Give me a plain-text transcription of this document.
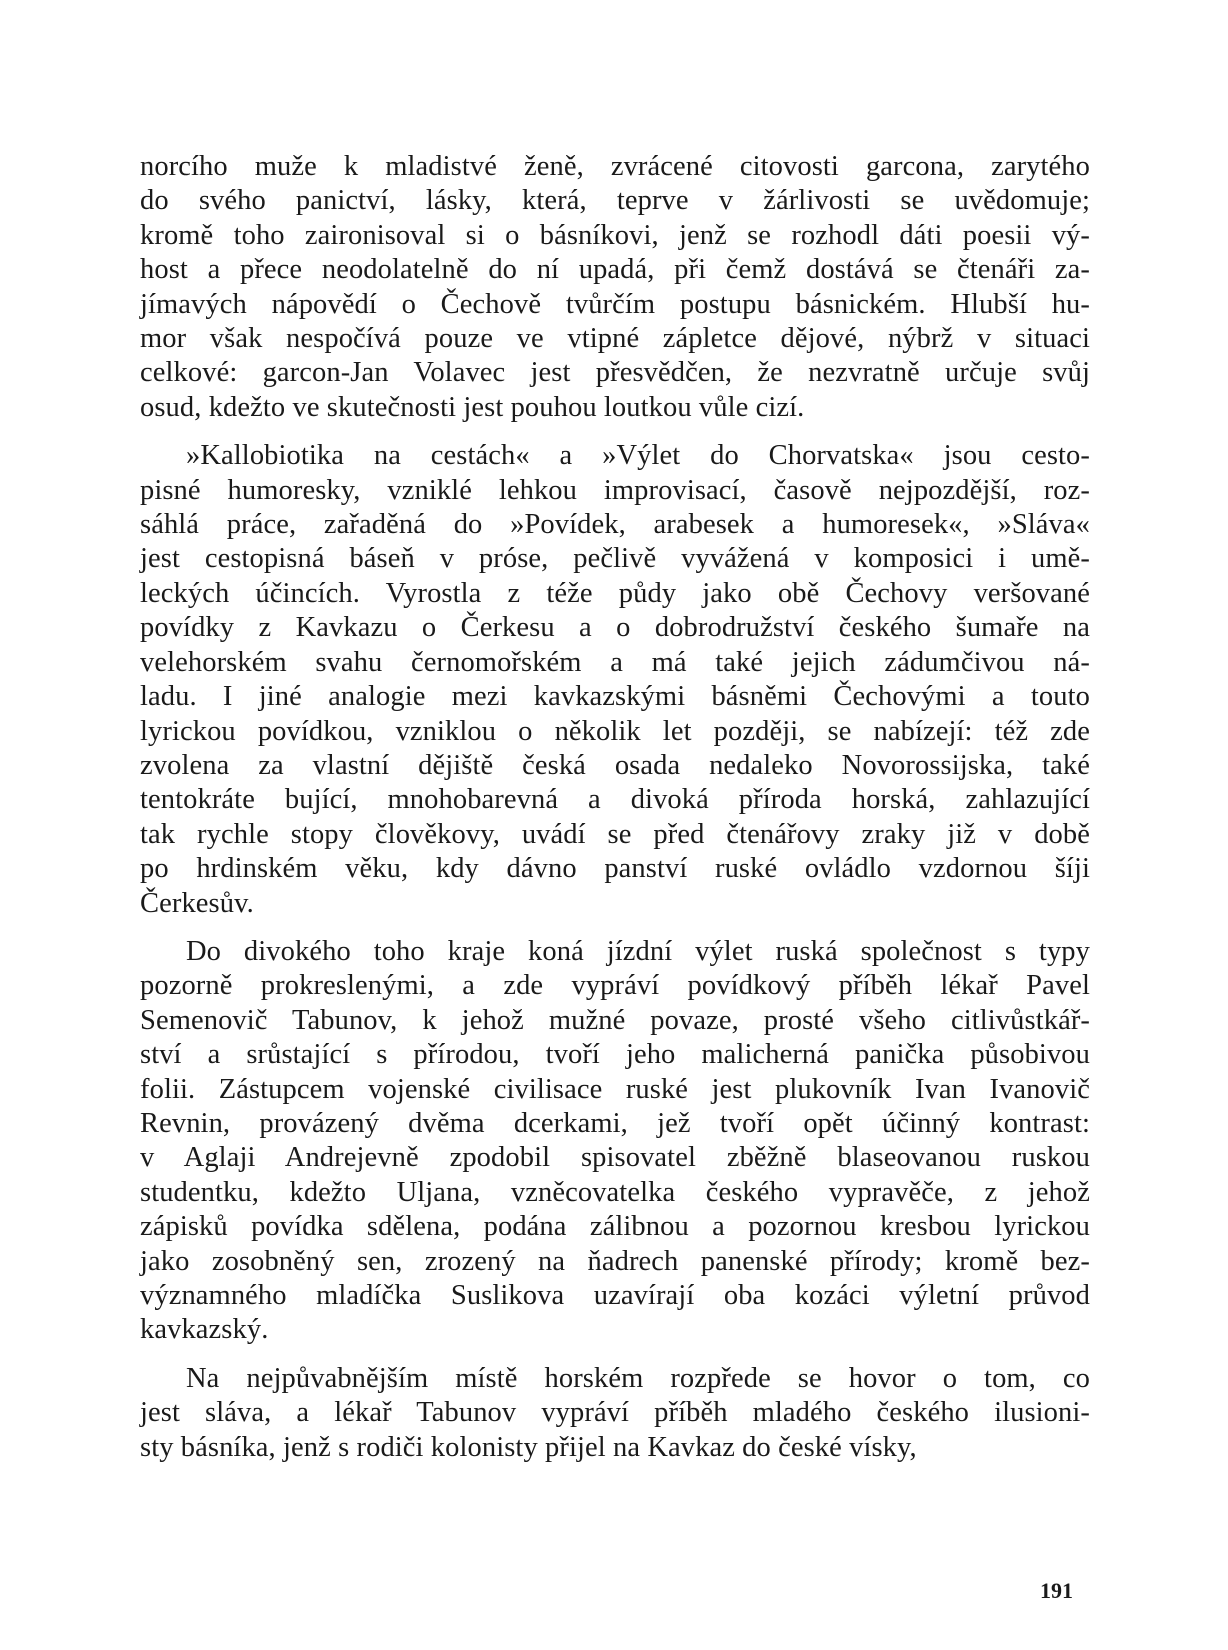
norcího muže k mladistvé ženě, zvrácené citovosti garcona, zarytého
do svého panictví, lásky, která, teprve v žárlivosti se uvědomuje;
kromě toho zaironisoval si o básníkovi, jenž se rozhodl dáti poesii vý-
host a přece neodolatelně do ní upadá, při čemž dostává se čtenáři za-
jímavých nápovědí o Čechově tvůrčím postupu básnickém. Hlubší hu-
mor však nespočívá pouze ve vtipné zápletce dějové, nýbrž v situaci
celkové: garcon-Jan Volavec jest přesvědčen, že nezvratně určuje svůj
osud, kdežto ve skutečnosti jest pouhou loutkou vůle cizí.
»Kallobiotika na cestách« a »Výlet do Chorvatska« jsou cesto-
pisné humoresky, vzniklé lehkou improvisací, časově nejpozdější, roz-
sáhlá práce, zařaděná do »Povídek, arabesek a humoresek«, »Sláva«
jest cestopisná báseň v próse, pečlivě vyvážená v komposici i umě-
leckých účincích. Vyrostla z téže půdy jako obě Čechovy veršované
povídky z Kavkazu o Čerkesu a o dobrodružství českého šumaře na
velehorském svahu černomořském a má také jejich zádumčivou ná-
ladu. I jiné analogie mezi kavkazskými básněmi Čechovými a touto
lyrickou povídkou, vzniklou o několik let později, se nabízejí: též zde
zvolena za vlastní dějiště česká osada nedaleko Novorossijska, také
tentokráte bující, mnohobarevná a divoká příroda horská, zahlazující
tak rychle stopy člověkovy, uvádí se před čtenářovy zraky již v době
po hrdinském věku, kdy dávno panství ruské ovládlo vzdornou šíji
Čerkesův.
Do divokého toho kraje koná jízdní výlet ruská společnost s typy
pozorně prokreslenými, a zde vypráví povídkový příběh lékař Pavel
Semenovič Tabunov, k jehož mužné povaze, prosté všeho citlivůstkář-
ství a srůstající s přírodou, tvoří jeho malicherná panička působivou
folii. Zástupcem vojenské civilisace ruské jest plukovník Ivan Ivanovič
Revnin, provázený dvěma dcerkami, jež tvoří opět účinný kontrast:
v Aglaji Andrejevně zpodobil spisovatel zběžně blaseovanou ruskou
studentku, kdežto Uljana, vzněcovatelka českého vypravěče, z jehož
zápisků povídka sdělena, podána zálibnou a pozornou kresbou lyrickou
jako zosobněný sen, zrozený na ňadrech panenské přírody; kromě bez-
významného mladíčka Suslikova uzavírají oba kozáci výletní průvod
kavkazský.
Na nejpůvabnějším místě horském rozpřede se hovor o tom, co
jest sláva, a lékař Tabunov vypráví příběh mladého českého ilusioni-
sty básníka, jenž s rodiči kolonisty přijel na Kavkaz do české vísky,
191
